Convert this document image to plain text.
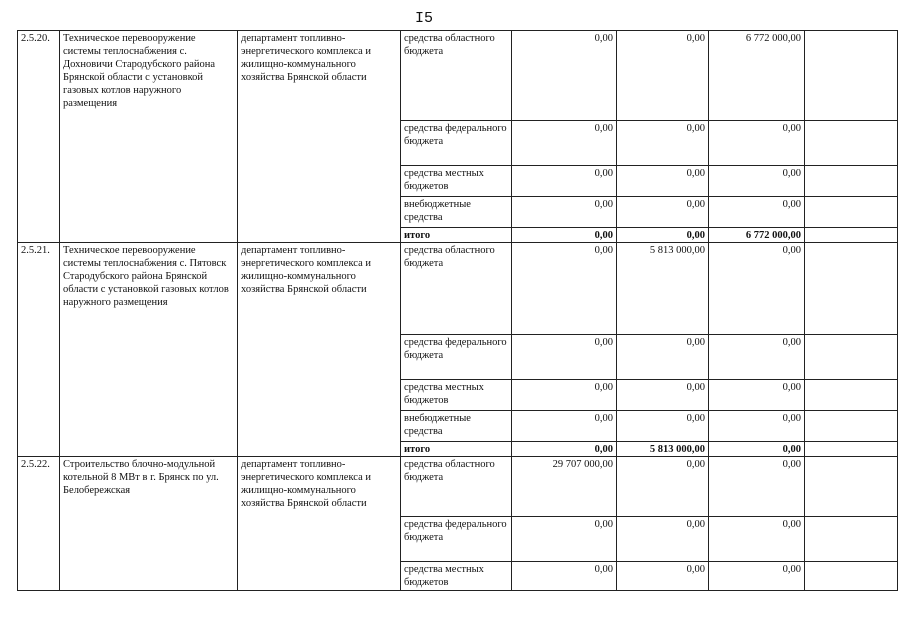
I5
2.5.20.	Техническое перевооружение системы теплоснабжения с. Дохновичи Стародубского района Брянской области с установкой газовых котлов наружного размещения	департамент топливно-энергетического комплекса и жилищно-коммунального хозяйства Брянской области	средства областного бюджета	0,00	0,00	6 772 000,00	
			средства федерального бюджета	0,00	0,00	0,00	
			средства местных бюджетов	0,00	0,00	0,00	
			внебюджетные средства	0,00	0,00	0,00	
			итого	0,00	0,00	6 772 000,00	
2.5.21.	Техническое перевооружение системы теплоснабжения с. Пятовск Стародубского района Брянской области с установкой газовых котлов наружного размещения	департамент топливно-энергетического комплекса и жилищно-коммунального хозяйства Брянской области	средства областного бюджета	0,00	5 813 000,00	0,00	
			средства федерального бюджета	0,00	0,00	0,00	
			средства местных бюджетов	0,00	0,00	0,00	
			внебюджетные средства	0,00	0,00	0,00	
			итого	0,00	5 813 000,00	0,00	
2.5.22.	Строительство блочно-модульной котельной 8 МВт в г. Брянск по ул. Белобережская	департамент топливно-энергетического комплекса и жилищно-коммунального хозяйства Брянской области	средства областного бюджета	29 707 000,00	0,00	0,00	
			средства федерального бюджета	0,00	0,00	0,00	
			средства местных бюджетов	0,00	0,00	0,00	
